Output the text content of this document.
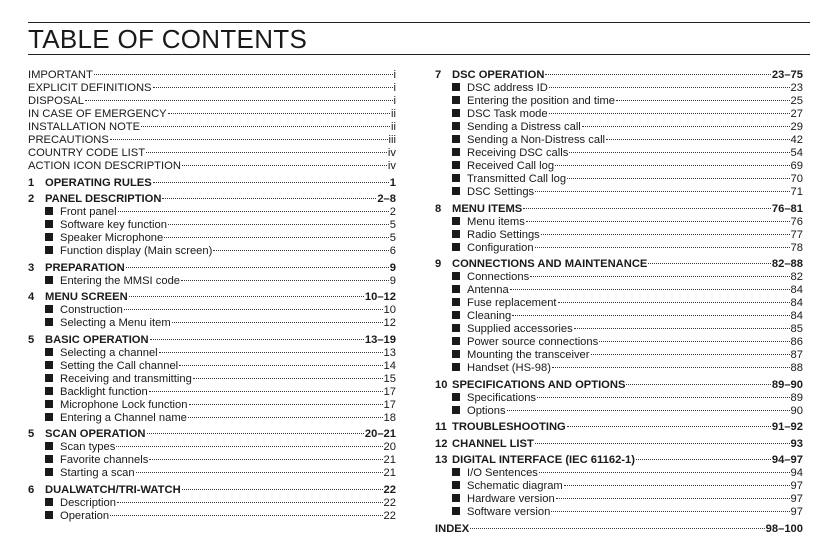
TABLE OF CONTENTS
IMPORTANT	i
EXPLICIT DEFINITIONS	i
DISPOSAL	i
IN CASE OF EMERGENCY	ii
INSTALLATION NOTE	ii
PRECAUTIONS	iii
COUNTRY CODE LIST	iv
ACTION ICON DESCRIPTION	iv
1 OPERATING RULES	1
2 PANEL DESCRIPTION	2–8
Front panel	2
Software key function	5
Speaker Microphone	5
Function display (Main screen)	6
3 PREPARATION	9
Entering the MMSI code	9
4 MENU SCREEN	10–12
Construction	10
Selecting a Menu item	12
5 BASIC OPERATION	13–19
Selecting a channel	13
Setting the Call channel	14
Receiving and transmitting	15
Backlight function	17
Microphone Lock function	17
Entering a Channel name	18
5 SCAN OPERATION	20–21
Scan types	20
Favorite channels	21
Starting a scan	21
6 DUALWATCH/TRI-WATCH	22
Description	22
Operation	22
7 DSC OPERATION	23–75
DSC address ID	23
Entering the position and time	25
DSC Task mode	27
Sending a Distress call	29
Sending a Non-Distress call	42
Receiving DSC calls	54
Received Call log	69
Transmitted Call log	70
DSC Settings	71
8 MENU ITEMS	76–81
Menu items	76
Radio Settings	77
Configuration	78
9 CONNECTIONS AND MAINTENANCE	82–88
Connections	82
Antenna	84
Fuse replacement	84
Cleaning	84
Supplied accessories	85
Power source connections	86
Mounting the transceiver	87
Handset (HS-98)	88
10 SPECIFICATIONS AND OPTIONS	89–90
Specifications	89
Options	90
11 TROUBLESHOOTING	91–92
12 CHANNEL LIST	93
13 DIGITAL INTERFACE (IEC 61162-1)	94–97
I/O Sentences	94
Schematic diagram	97
Hardware version	97
Software version	97
INDEX	98–100
